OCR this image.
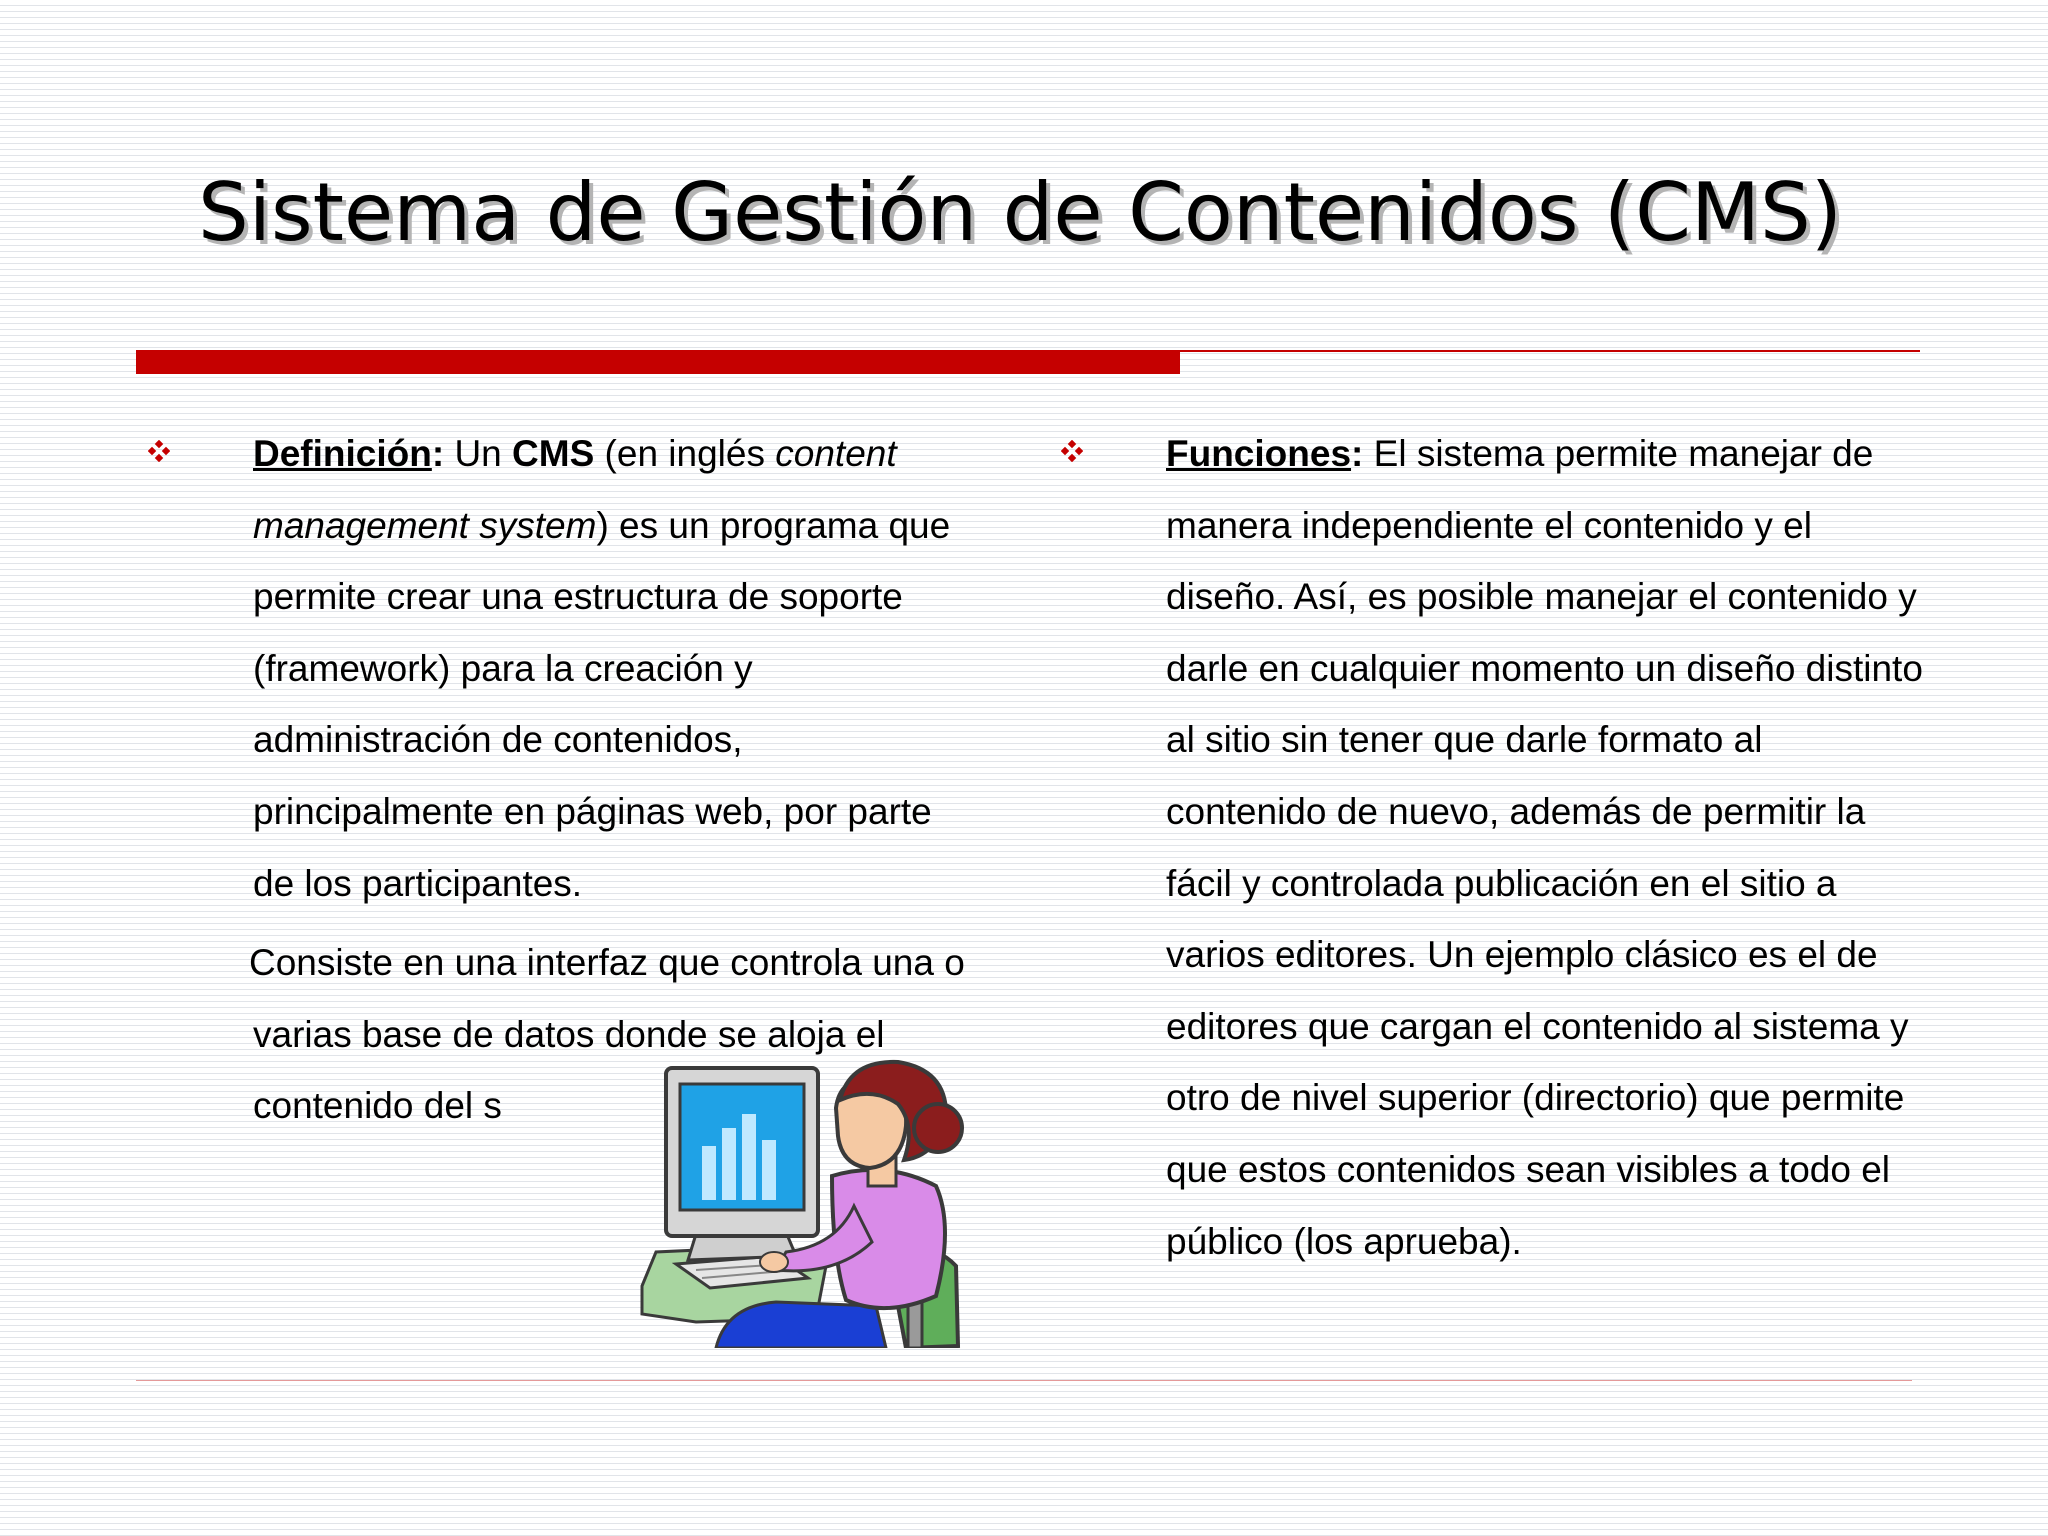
Sistema de Gestión de Contenidos (CMS)

Definición: Un CMS (en inglés content management system) es un programa que permite crear una estructura de soporte (framework) para la creación y administración de contenidos, principalmente en páginas web, por parte de los participantes.

Consiste en una interfaz que controla una o varias base de datos donde se aloja el contenido del s

Funciones: El sistema permite manejar de manera independiente el contenido y el diseño. Así, es posible manejar el contenido y darle en cualquier momento un diseño distinto al sitio sin tener que darle formato al contenido de nuevo, además de permitir la fácil y controlada publicación en el sitio a varios editores. Un ejemplo clásico es el de editores que cargan el contenido al sistema y otro de nivel superior (directorio) que permite que estos contenidos sean visibles a todo el público (los aprueba).
